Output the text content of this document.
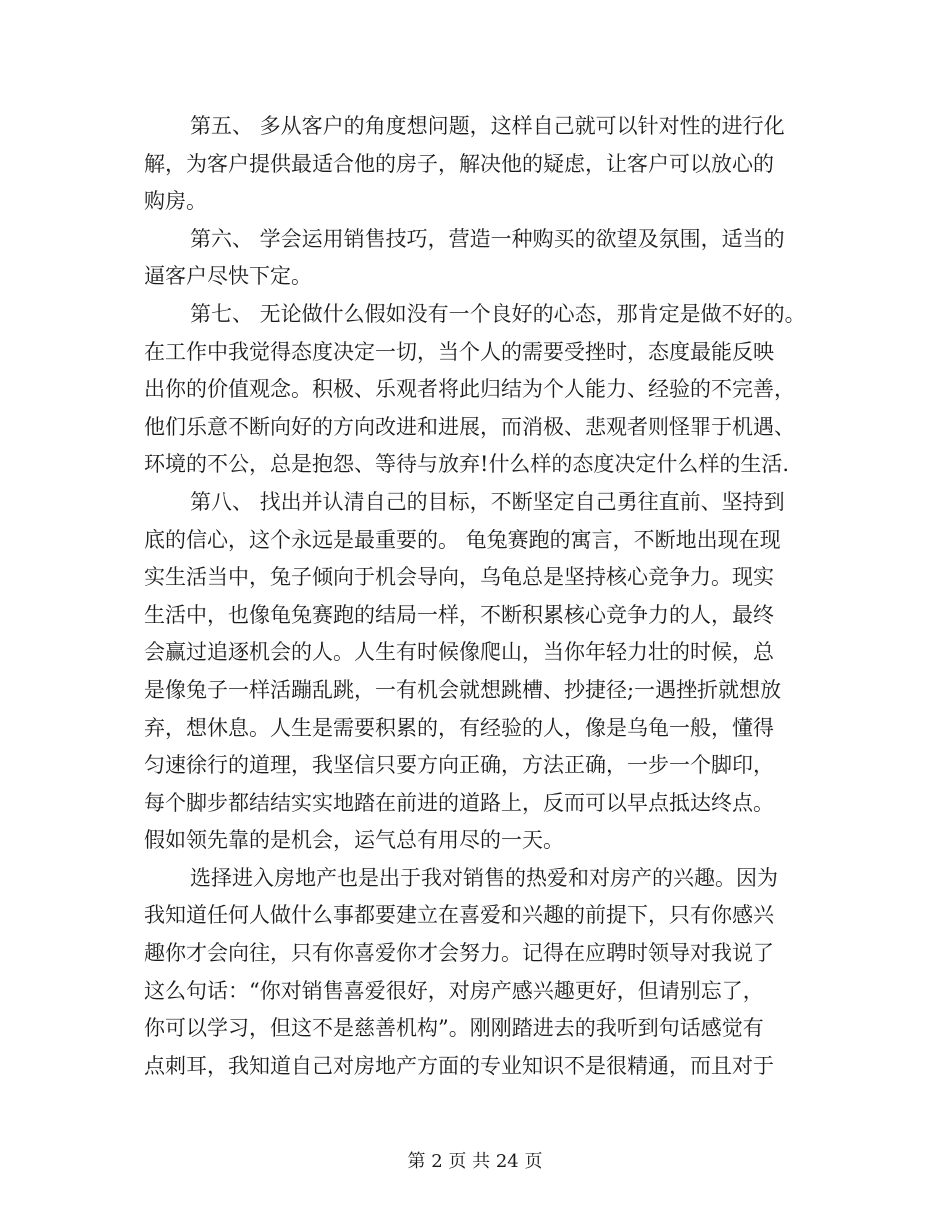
第五、 多从客户的角度想问题，这样自己就可以针对性的进行化
解，为客户提供最适合他的房子，解决他的疑虑，让客户可以放心的
购房。
第六、 学会运用销售技巧，营造一种购买的欲望及氛围，适当的
逼客户尽快下定。
第七、 无论做什么假如没有一个良好的心态，那肯定是做不好的。
在工作中我觉得态度决定一切，当个人的需要受挫时，态度最能反映
出你的价值观念。积极、乐观者将此归结为个人能力、经验的不完善，
他们乐意不断向好的方向改进和进展，而消极、悲观者则怪罪于机遇、
环境的不公，总是抱怨、等待与放弃!什么样的态度决定什么样的生活.
第八、 找出并认清自己的目标，不断坚定自己勇往直前、坚持到
底的信心，这个永远是最重要的。 龟兔赛跑的寓言，不断地出现在现
实生活当中，兔子倾向于机会导向，乌龟总是坚持核心竞争力。现实
生活中，也像龟兔赛跑的结局一样，不断积累核心竞争力的人，最终
会赢过追逐机会的人。人生有时候像爬山，当你年轻力壮的时候，总
是像兔子一样活蹦乱跳，一有机会就想跳槽、抄捷径;一遇挫折就想放
弃，想休息。人生是需要积累的，有经验的人，像是乌龟一般，懂得
匀速徐行的道理，我坚信只要方向正确，方法正确，一步一个脚印，
每个脚步都结结实实地踏在前进的道路上，反而可以早点抵达终点。
假如领先靠的是机会，运气总有用尽的一天。
选择进入房地产也是出于我对销售的热爱和对房产的兴趣。因为
我知道任何人做什么事都要建立在喜爱和兴趣的前提下，只有你感兴
趣你才会向往，只有你喜爱你才会努力。记得在应聘时领导对我说了
这么句话：“你对销售喜爱很好，对房产感兴趣更好，但请别忘了，
你可以学习，但这不是慈善机构”。刚刚踏进去的我听到句话感觉有
点刺耳，我知道自己对房地产方面的专业知识不是很精通，而且对于
第 2 页 共 24 页
